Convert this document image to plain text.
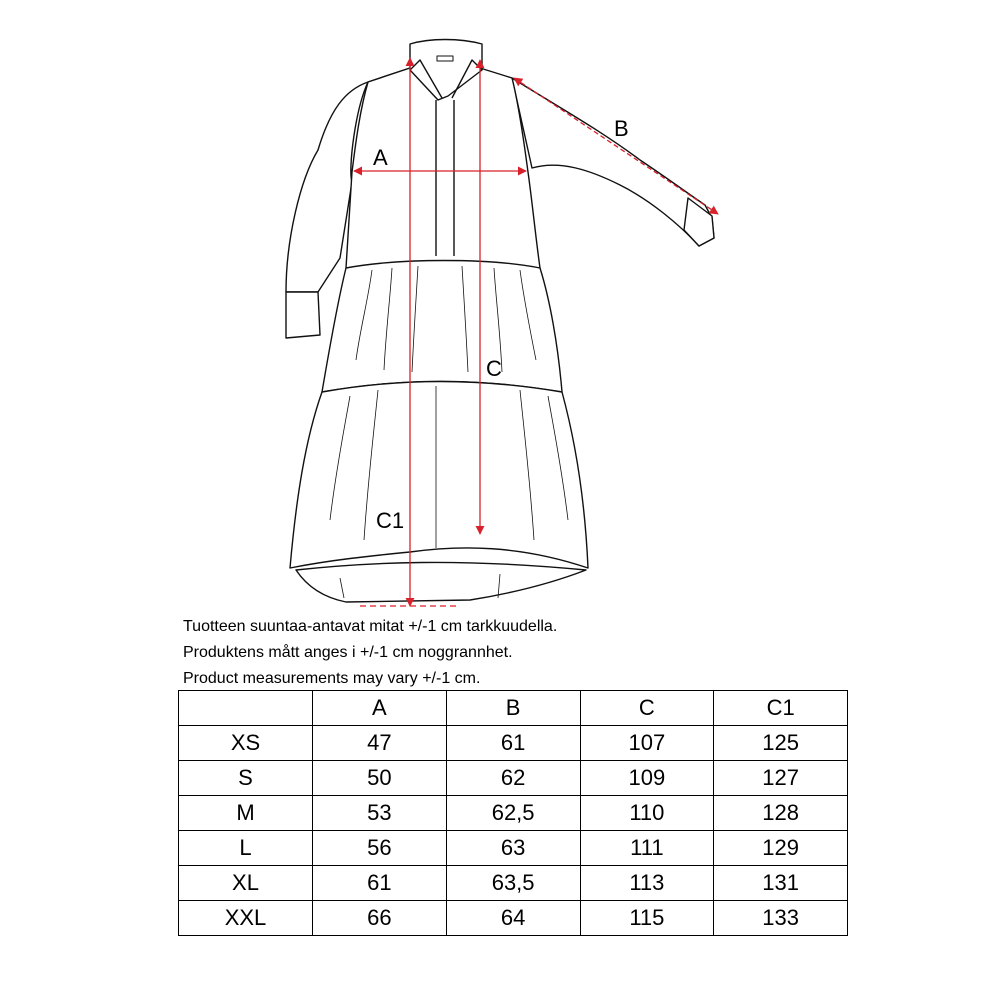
A
B
C
C1
Tuotteen suuntaa-antavat mitat +/-1 cm tarkkuudella.
Produktens mått anges i +/-1 cm noggrannhet.
Product measurements may vary +/-1 cm.
	A	B	C	C1
XS	47	61	107	125
S	50	62	109	127
M	53	62,5	110	128
L	56	63	111	129
XL	61	63,5	113	131
XXL	66	64	115	133
